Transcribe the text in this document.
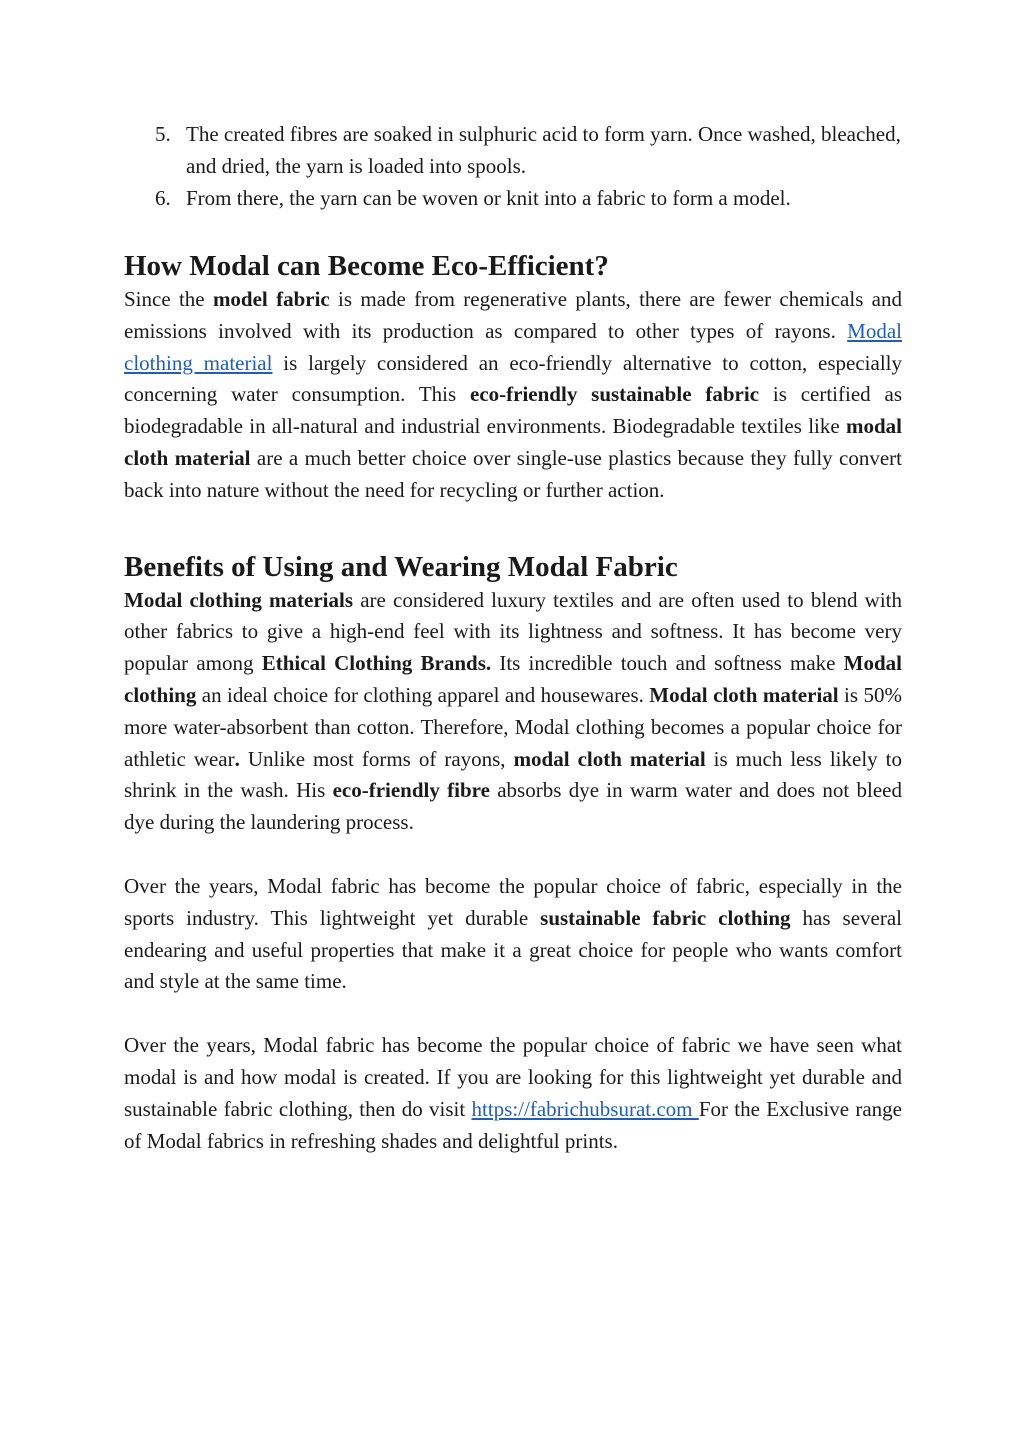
5. The created fibres are soaked in sulphuric acid to form yarn. Once washed, bleached, and dried, the yarn is loaded into spools.
6. From there, the yarn can be woven or knit into a fabric to form a model.
How Modal can Become Eco-Efficient?

Since the model fabric is made from regenerative plants, there are fewer chemicals and emissions involved with its production as compared to other types of rayons. Modal clothing material is largely considered an eco-friendly alternative to cotton, especially concerning water consumption. This eco-friendly sustainable fabric is certified as biodegradable in all-natural and industrial environments. Biodegradable textiles like modal cloth material are a much better choice over single-use plastics because they fully convert back into nature without the need for recycling or further action.

Benefits of Using and Wearing Modal Fabric

Modal clothing materials are considered luxury textiles and are often used to blend with other fabrics to give a high-end feel with its lightness and softness. It has become very popular among Ethical Clothing Brands. Its incredible touch and softness make Modal clothing an ideal choice for clothing apparel and housewares. Modal cloth material is 50% more water-absorbent than cotton. Therefore, Modal clothing becomes a popular choice for athletic wear. Unlike most forms of rayons, modal cloth material is much less likely to shrink in the wash. His eco-friendly fibre absorbs dye in warm water and does not bleed dye during the laundering process.

Over the years, Modal fabric has become the popular choice of fabric, especially in the sports industry. This lightweight yet durable sustainable fabric clothing has several endearing and useful properties that make it a great choice for people who wants comfort and style at the same time.

Over the years, Modal fabric has become the popular choice of fabric we have seen what modal is and how modal is created. If you are looking for this lightweight yet durable and sustainable fabric clothing, then do visit https://fabrichubsurat.com For the Exclusive range of Modal fabrics in refreshing shades and delightful prints.
